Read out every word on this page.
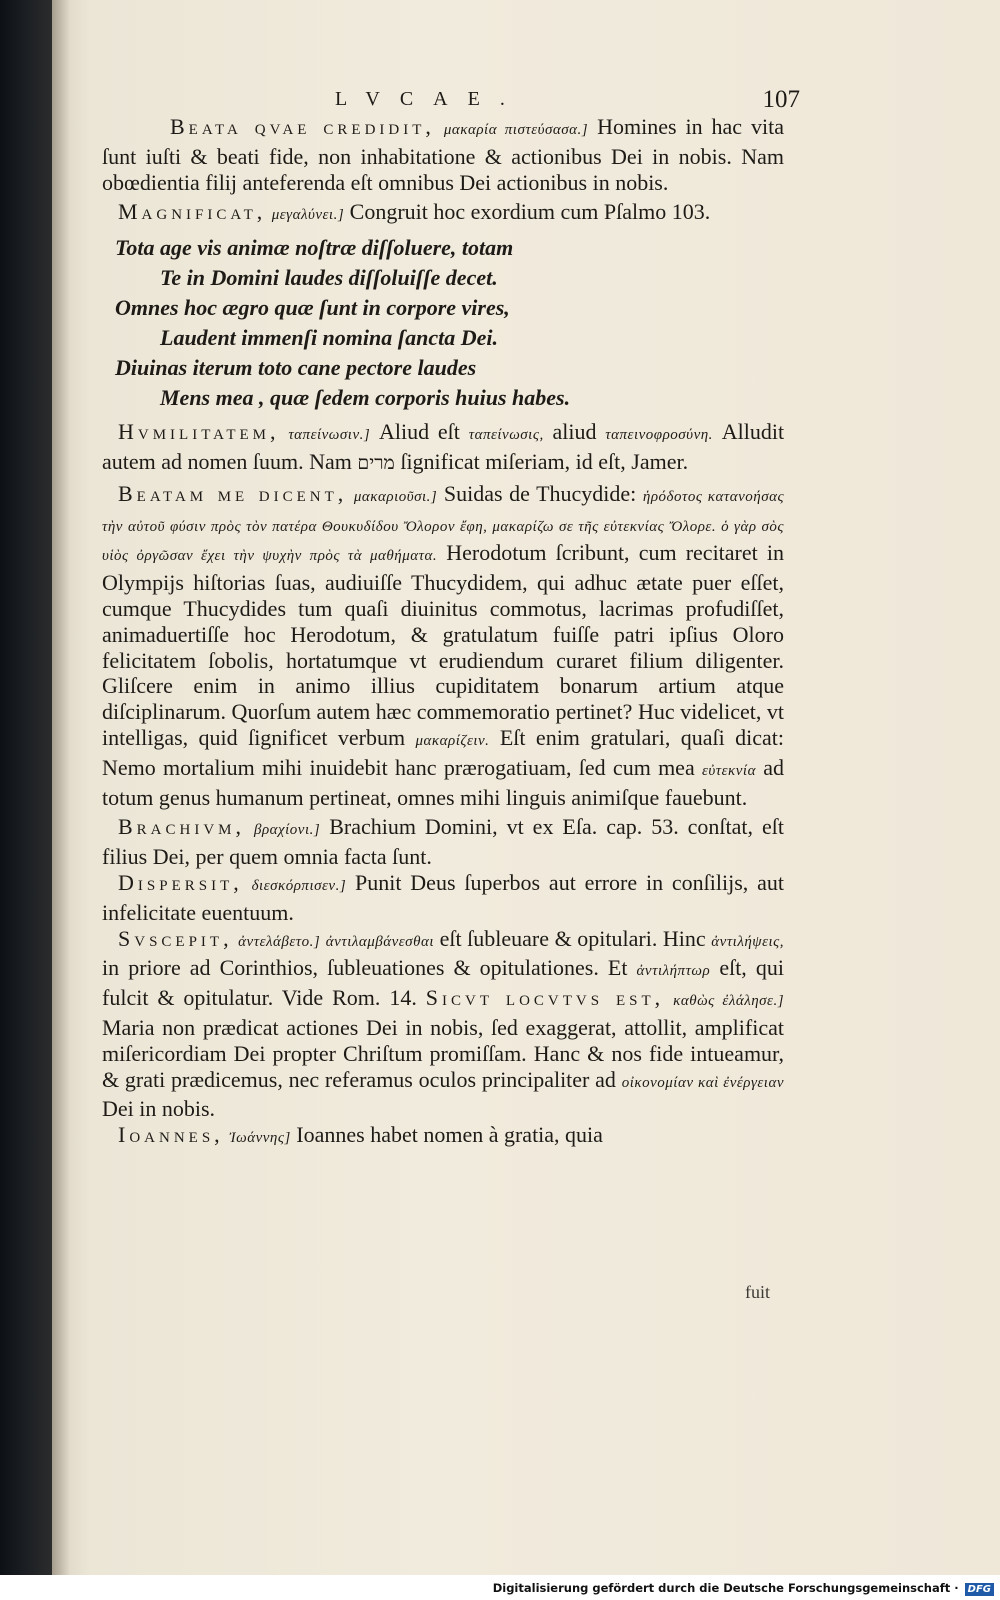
LVCAE.	107

Beata qvae credidit, μακαρία πιστεύσασα.] Homines in hac vita ſunt iuſti & beati fide, non inhabitatione & actionibus Dei in nobis. Nam obœdientia filij anteferenda eſt omnibus Dei actionibus in nobis.

Magnificat, μεγαλύνει.] Congruit hoc exordium cum Pſalmo 103.

Tota age vis animæ noſtræ diſſoluere, totam
Te in Domini laudes diſſoluiſſe decet.
Omnes hoc ægro quæ ſunt in corpore vires,
Laudent immenſi nomina ſancta Dei.
Diuinas iterum toto cane pectore laudes
Mens mea , quæ ſedem corporis huius habes.

Hvmilitatem, ταπείνωσιν.] Aliud eſt ταπείνωσις, aliud ταπεινοφροσύνη. Alludit autem ad nomen ſuum. Nam מרים ſignificat miſeriam, id eſt, Jamer.

Beatam me dicent, μακαριοῦσι.] Suidas de Thucydide: ἡρόδοτος κατανοήσας τὴν αὐτοῦ φύσιν πρὸς τὸν πατέρα Θουκυδίδου Ὄλορον ἔφη, μακαρίζω σε τῆς εὐτεκνίας Ὄλορε. ὁ γὰρ σὸς υἱὸς ὀργῶσαν ἔχει τὴν ψυχὴν πρὸς τὰ μαθήματα. Herodotum ſcribunt, cum recitaret in Olympijs hiſtorias ſuas, audiuiſſe Thucydidem, qui adhuc ætate puer eſſet, cumque Thucydides tum quaſi diuinitus commotus, lacrimas profudiſſet, animaduertiſſe hoc Herodotum, & gratulatum fuiſſe patri ipſius Oloro felicitatem ſobolis, hortatumque vt erudiendum curaret filium diligenter. Gliſcere enim in animo illius cupiditatem bonarum artium atque diſciplinarum. Quorſum autem hæc commemoratio pertinet? Huc videlicet, vt intelligas, quid ſignificet verbum μακαρίζειν. Eſt enim gratulari, quaſi dicat: Nemo mortalium mihi inuidebit hanc prærogatiuam, ſed cum mea εὐτεκνία ad totum genus humanum pertineat, omnes mihi linguis animiſque fauebunt.

Brachivm, βραχίονι.] Brachium Domini, vt ex Eſa. cap. 53. conſtat, eſt filius Dei, per quem omnia facta ſunt.

Dispersit, διεσκόρπισεν.] Punit Deus ſuperbos aut errore in conſilijs, aut infelicitate euentuum.

Svscepit, ἀντελάβετο.] ἀντιλαμβάνεσθαι eſt ſubleuare & opitulari. Hinc ἀντιλήψεις, in priore ad Corinthios, ſubleuationes & opitulationes. Et ἀντιλήπτωρ eſt, qui fulcit & opitulatur. Vide Rom. 14. Sicvt locvtvs est, καθὼς ἐλάλησε.] Maria non prædicat actiones Dei in nobis, ſed exaggerat, attollit, amplificat miſericordiam Dei propter Chriſtum promiſſam. Hanc & nos fide intueamur, & grati prædicemus, nec referamus oculos principaliter ad οἰκονομίαν καὶ ἐνέργειαν Dei in nobis.

Ioannes, Ἰωάννης] Ioannes habet nomen à gratia, quia

fuit
Digitalisierung gefördert durch die Deutsche Forschungsgemeinschaft · DFG
